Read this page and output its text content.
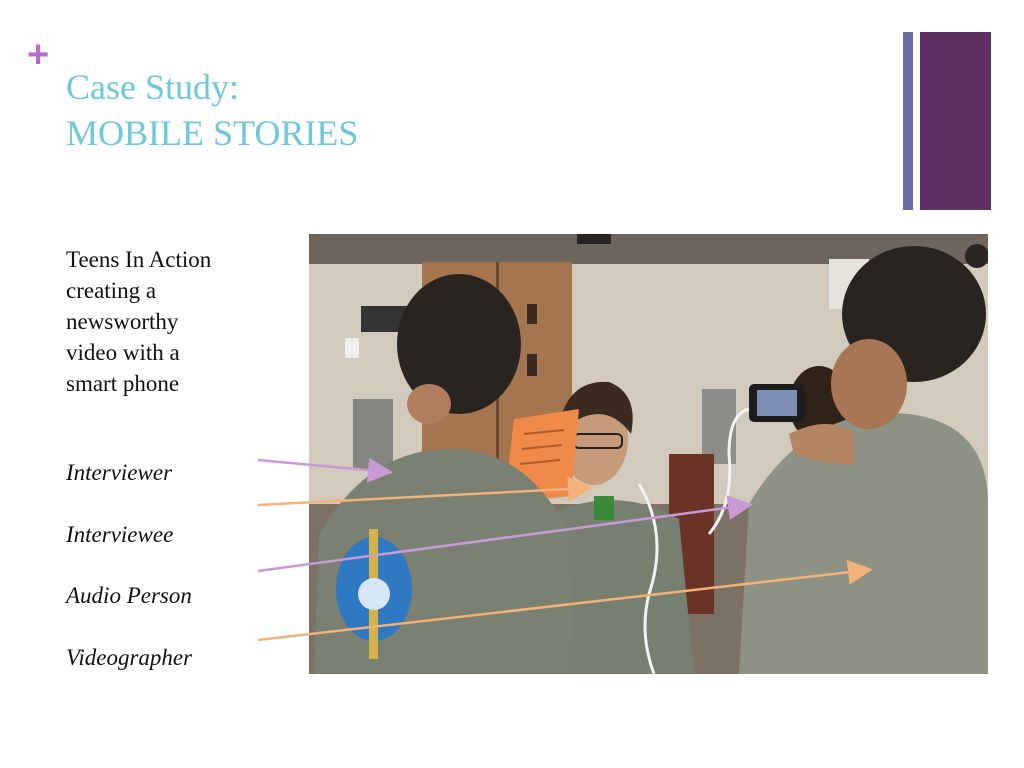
+
Case Study:
MOBILE STORIES
Teens In Action
creating a
newsworthy
video with a
smart phone
Interviewer
Interviewee
Audio Person
Videographer
